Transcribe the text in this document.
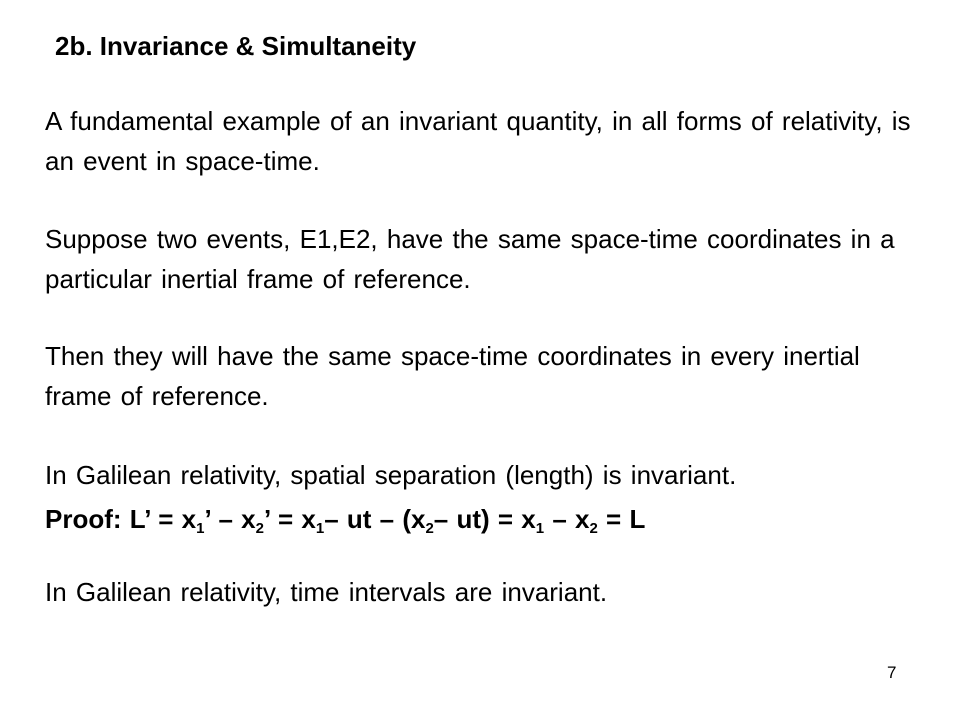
2b. Invariance & Simultaneity
A fundamental example of an invariant quantity, in all forms of relativity, is an event in space-time.
Suppose two events, E1,E2, have the same space-time coordinates in a particular inertial frame of reference.
Then they will have the same space-time coordinates in every inertial frame of reference.
In Galilean relativity, spatial separation (length) is invariant.
Proof: L’ = $x_1$’ – $x_2$’ = $x_1-$ ut – ($x_2-$ $ut) = x_1 - x_2 = L$
In Galilean relativity, time intervals are invariant.
7
